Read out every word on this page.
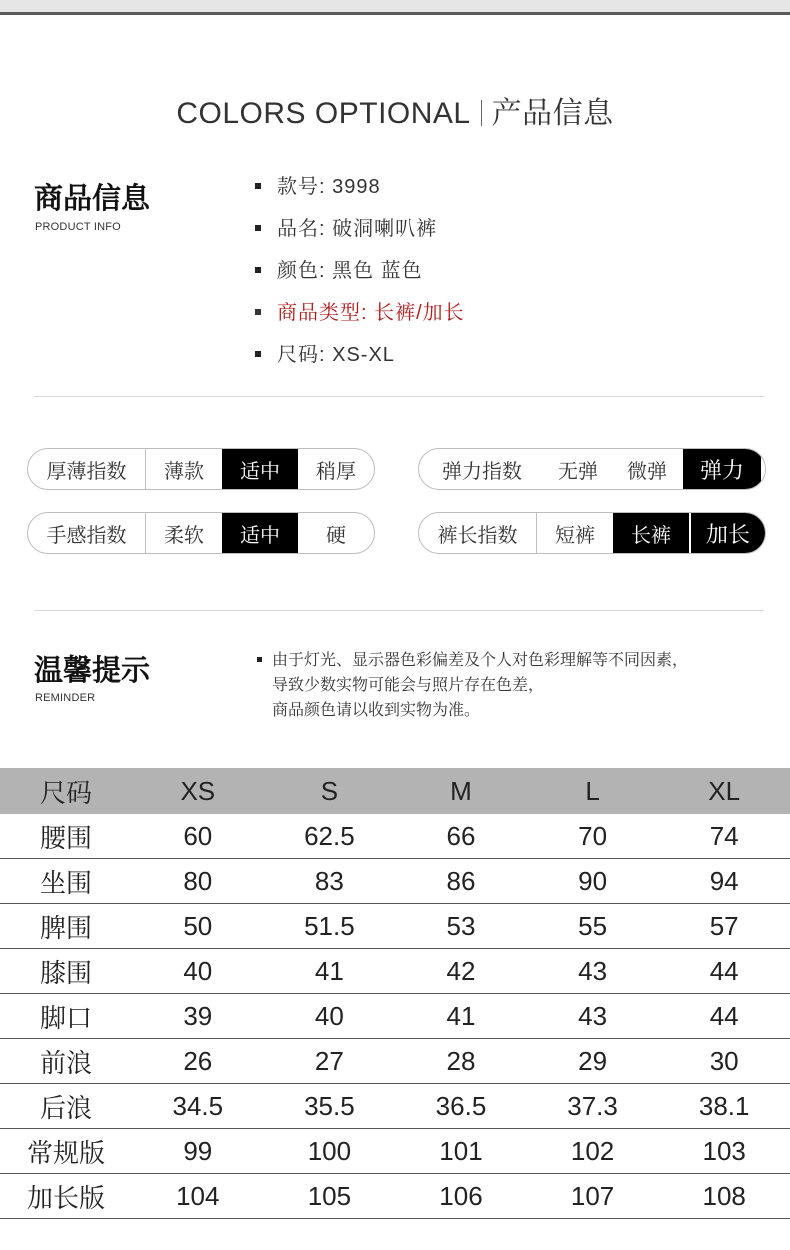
COLORS OPTIONAL 产品信息
商品信息
PRODUCT INFO
款号: 3998
品名: 破洞喇叭裤
颜色: 黑色 蓝色
商品类型: 长裤/加长
尺码: XS-XL
厚薄指数	薄款	适中	稍厚	弹力指数	无弹	微弹	弹力
手感指数	柔软	适中	硬	裤长指数	短裤	长裤	加长
温馨提示
REMINDER
由于灯光、显示器色彩偏差及个人对色彩理解等不同因素，
导致少数实物可能会与照片存在色差，
商品颜色请以收到实物为准。
尺码	XS	S	M	L	XL
腰围	60	62.5	66	70	74
坐围	80	83	86	90	94
脾围	50	51.5	53	55	57
膝围	40	41	42	43	44
脚口	39	40	41	43	44
前浪	26	27	28	29	30
后浪	34.5	35.5	36.5	37.3	38.1
常规版	99	100	101	102	103
加长版	104	105	106	107	108
